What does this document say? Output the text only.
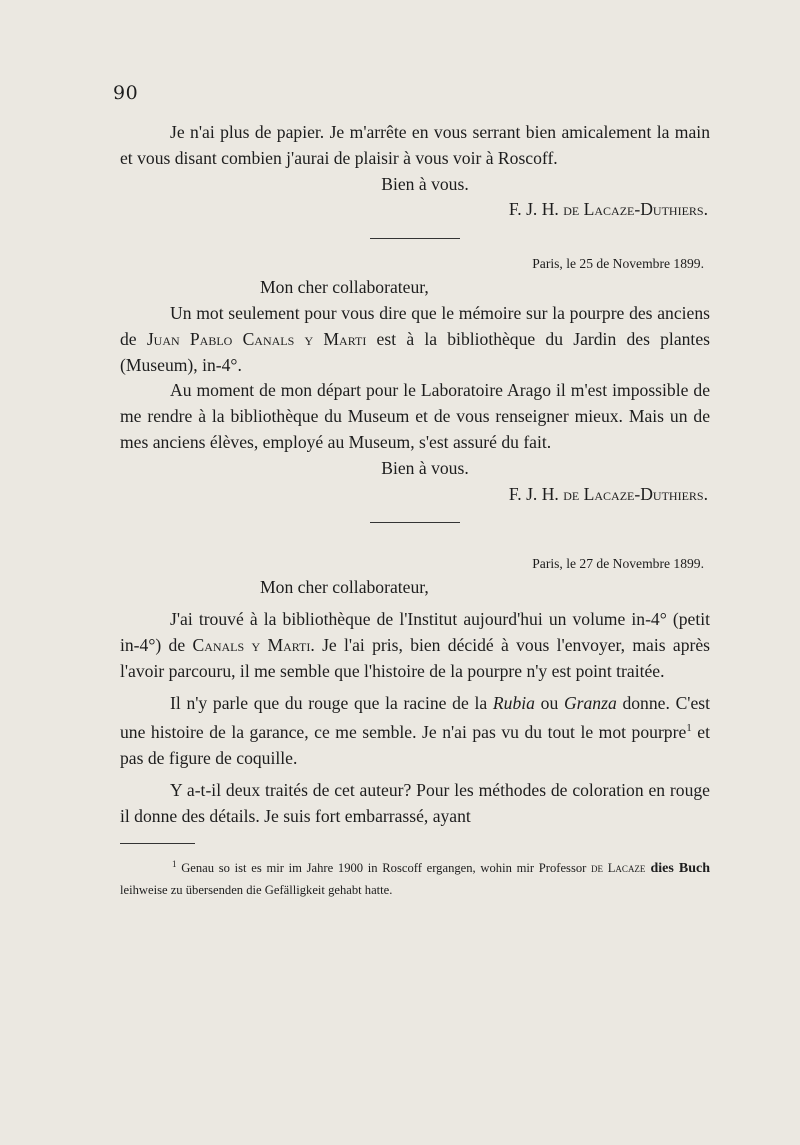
90

Je n'ai plus de papier. Je m'arrête en vous serrant bien amicalement la main et vous disant combien j'aurai de plaisir à vous voir à Roscoff.

Bien à vous.

F. J. H. de Lacaze-Duthiers.

Paris, le 25 de Novembre 1899.

Mon cher collaborateur,

Un mot seulement pour vous dire que le mémoire sur la pourpre des anciens de Juan Pablo Canals y Marti est à la bibliothèque du Jardin des plantes (Museum), in-4°.

Au moment de mon départ pour le Laboratoire Arago il m'est impossible de me rendre à la bibliothèque du Museum et de vous renseigner mieux. Mais un de mes anciens élèves, employé au Museum, s'est assuré du fait.

Bien à vous.

F. J. H. de Lacaze-Duthiers.

Paris, le 27 de Novembre 1899.

Mon cher collaborateur,

J'ai trouvé à la bibliothèque de l'Institut aujourd'hui un volume in-4° (petit in-4°) de Canals y Marti. Je l'ai pris, bien décidé à vous l'envoyer, mais après l'avoir parcouru, il me semble que l'histoire de la pourpre n'y est point traitée.

Il n'y parle que du rouge que la racine de la Rubia ou Granza donne. C'est une histoire de la garance, ce me semble. Je n'ai pas vu du tout le mot pourpre$^1$ et pas de figure de coquille.

Y a-t-il deux traités de cet auteur? Pour les méthodes de coloration en rouge il donne des détails. Je suis fort embarrassé, ayant

$^1$ Genau so ist es mir im Jahre 1900 in Roscoff ergangen, wohin mir Professor de Lacaze dies Buch leihweise zu übersenden die Gefälligkeit gehabt hatte.
